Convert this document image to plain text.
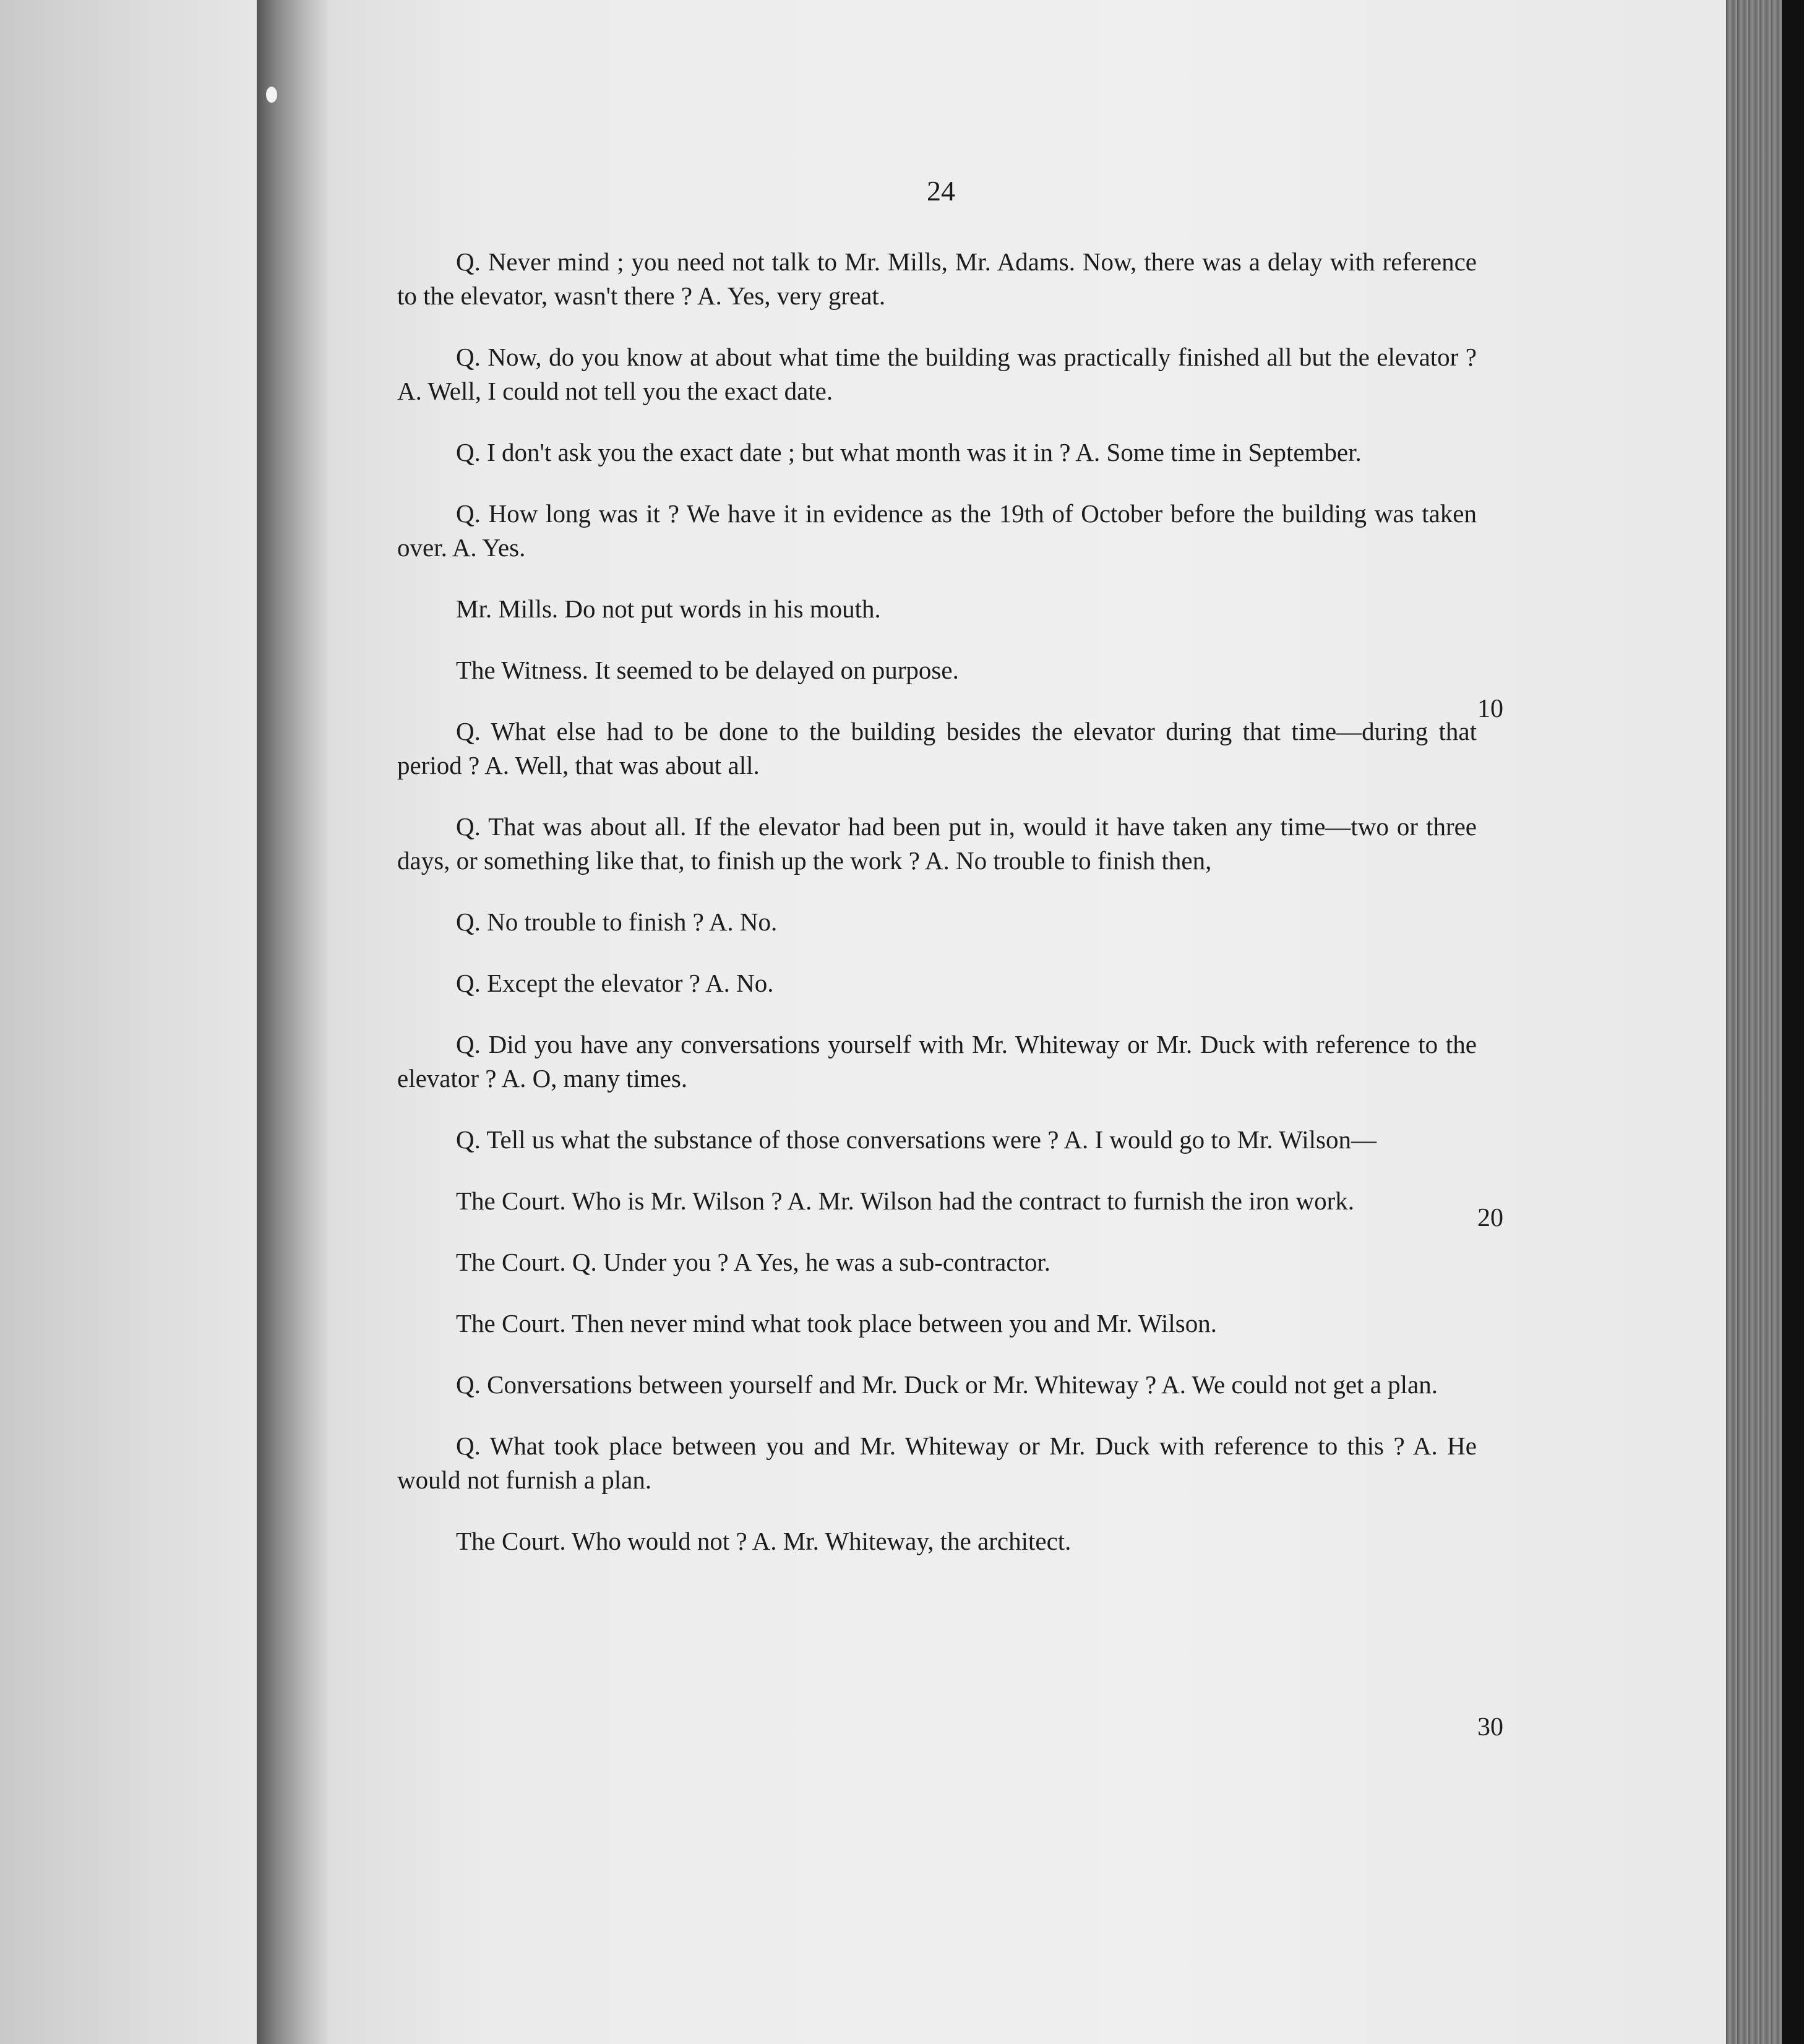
24

Q. Never mind ; you need not talk to Mr. Mills, Mr. Adams. Now, there was a delay with reference to the elevator, wasn't there ? A. Yes, very great.

Q. Now, do you know at about what time the building was practically finished all but the elevator ? A. Well, I could not tell you the exact date.

Q. I don't ask you the exact date ; but what month was it in ? A. Some time in September.

Q. How long was it ? We have it in evidence as the 19th of October before the building was taken over. A. Yes.

Mr. Mills. Do not put words in his mouth.

The Witness. It seemed to be delayed on purpose.

Q. What else had to be done to the building besides the elevator during that time—during that period ? A. Well, that was about all.

Q. That was about all. If the elevator had been put in, would it have taken any time—two or three days, or something like that, to finish up the work ? A. No trouble to finish then,

Q. No trouble to finish ? A. No.

Q. Except the elevator ? A. No.

Q. Did you have any conversations yourself with Mr. Whiteway or Mr. Duck with reference to the elevator ? A. O, many times.

Q. Tell us what the substance of those conversations were ? A. I would go to Mr. Wilson—

The Court. Who is Mr. Wilson ? A. Mr. Wilson had the contract to furnish the iron work.

The Court. Q. Under you ? A Yes, he was a sub-contractor.

The Court. Then never mind what took place between you and Mr. Wilson.

Q. Conversations between yourself and Mr. Duck or Mr. Whiteway ? A. We could not get a plan.

Q. What took place between you and Mr. Whiteway or Mr. Duck with reference to this ? A. He would not furnish a plan.

The Court. Who would not ? A. Mr. Whiteway, the architect.

10
20
30
